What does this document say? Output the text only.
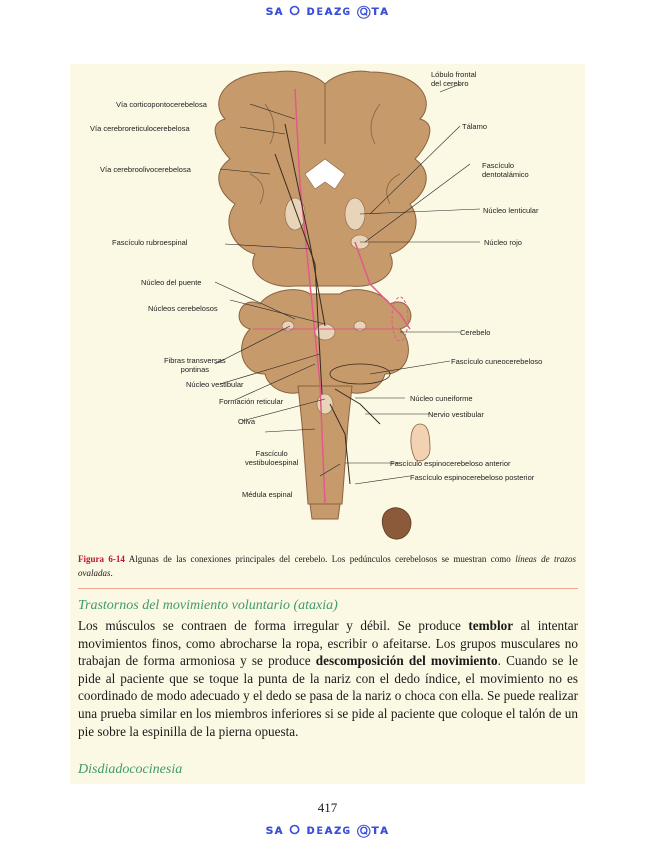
ꜱᴀ ⭘ ᴅᴇᴀᴢɢ Ⓠᴛᴀ
Lóbulo frontal
del cerebro
Vía corticopontocerebelosa
Vía cerebroreticulocerebelosa	Tálamo
Fascículo
dentotalámico
Vía cerebroolivocerebelosa
Núcleo lenticular
Fascículo rubroespinal	Núcleo rojo
Núcleo del puente
Núcleos cerebelosos
Cerebelo
Fibras transversas
pontinas
Fascículo cuneocerebeloso
Núcleo vestibular
Formación reticular	Núcleo cuneiforme
Nervio vestibular
Oliva
Fascículo
vestibuloespinal	Fascículo espinocerebeloso anterior
Fascículo espinocerebeloso posterior
Médula espinal
Figura 6-14 Algunas de las conexiones principales del cerebelo. Los pedúnculos cerebelosos se muestran como líneas de trazos ovaladas.
Trastornos del movimiento voluntario (ataxia)
Los músculos se contraen de forma irregular y débil. Se produce temblor al intentar movimientos finos, como abrocharse la ropa, escribir o afeitarse. Los grupos musculares no trabajan de forma armoniosa y se produce descomposición del movimiento. Cuando se le pide al paciente que se toque la punta de la nariz con el dedo índice, el movimiento no es coordinado de modo adecuado y el dedo se pasa de la nariz o choca con ella. Se puede realizar una prueba similar en los miembros inferiores si se pide al paciente que coloque el talón de un pie sobre la espinilla de la pierna opuesta.
Disdiadococinesia
417
ꜱᴀ ⭘ ᴅᴇᴀᴢɢ Ⓠᴛᴀ
